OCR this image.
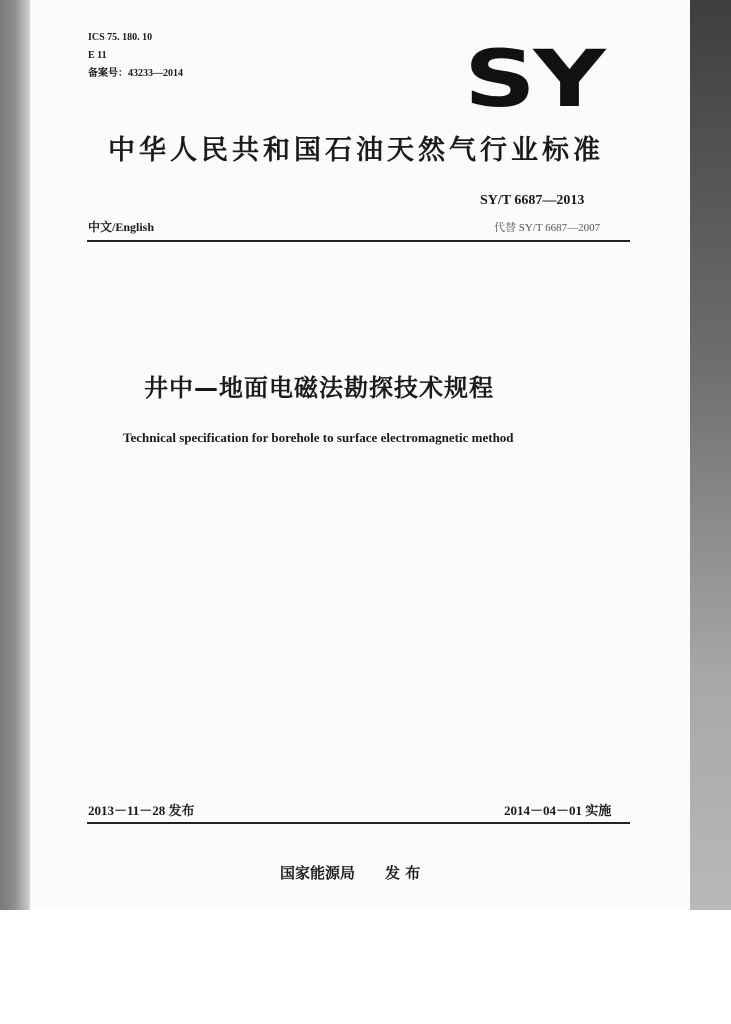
ICS 75. 180. 10
E 11
备案号：43233—2014	SY
中华人民共和国石油天然气行业标准
SY/T 6687—2013
中文/English	代替 SY/T 6687—2007
井中—地面电磁法勘探技术规程
Technical specification for borehole to surface electromagnetic method
2013－11－28 发布	2014－04－01 实施
国家能源局 发 布
